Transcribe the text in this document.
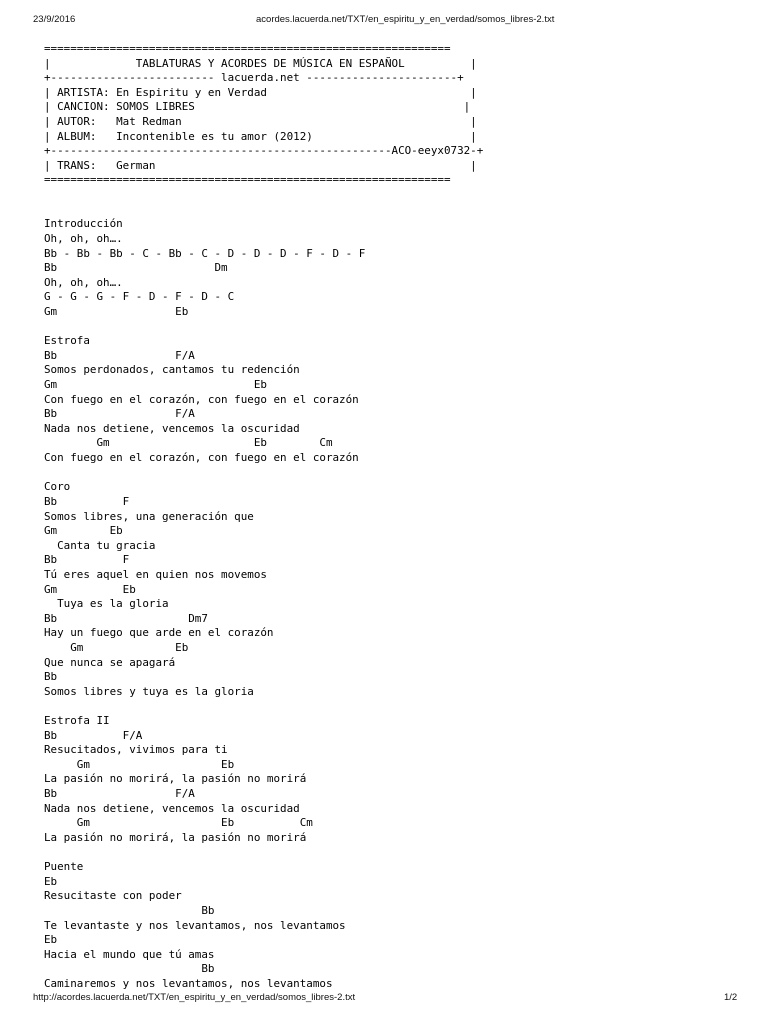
23/9/2016	acordes.lacuerda.net/TXT/en_espiritu_y_en_verdad/somos_libres-2.txt
==============================================================
|             TABLATURAS Y ACORDES DE MÚSICA EN ESPAÑOL          |
+------------------------- lacuerda.net -----------------------+
| ARTISTA: En Espiritu y en Verdad                               |
| CANCION: SOMOS LIBRES                                         |
| AUTOR:   Mat Redman                                            |
| ALBUM:   Incontenible es tu amor (2012)                        |
+----------------------------------------------------ACO-eeyx0732-+
| TRANS:   German                                                |
==============================================================
Introducción
Oh, oh, oh….
Bb - Bb - Bb - C - Bb - C - D - D - D - F - D - F
Bb                        Dm
Oh, oh, oh….
G - G - G - F - D - F - D - C
Gm                  Eb
Estrofa
Bb                  F/A
Somos perdonados, cantamos tu redención
Gm                              Eb
Con fuego en el corazón, con fuego en el corazón
Bb                  F/A
Nada nos detiene, vencemos la oscuridad
Gm                      Eb        Cm
Con fuego en el corazón, con fuego en el corazón
Coro
Bb          F
Somos libres, una generación que
Gm        Eb
Canta tu gracia
Bb          F
Tú eres aquel en quien nos movemos
Gm          Eb
Tuya es la gloria
Bb                    Dm7
Hay un fuego que arde en el corazón
Gm              Eb
Que nunca se apagará
Bb
Somos libres y tuya es la gloria
Estrofa II
Bb          F/A
Resucitados, vivimos para ti
Gm                    Eb
La pasión no morirá, la pasión no morirá
Bb                  F/A
Nada nos detiene, vencemos la oscuridad
Gm                    Eb          Cm
La pasión no morirá, la pasión no morirá
Puente
Eb
Resucitaste con poder
Bb
Te levantaste y nos levantamos, nos levantamos
Eb
Hacia el mundo que tú amas
Bb
Caminaremos y nos levantamos, nos levantamos
http://acordes.lacuerda.net/TXT/en_espiritu_y_en_verdad/somos_libres-2.txt	1/2
